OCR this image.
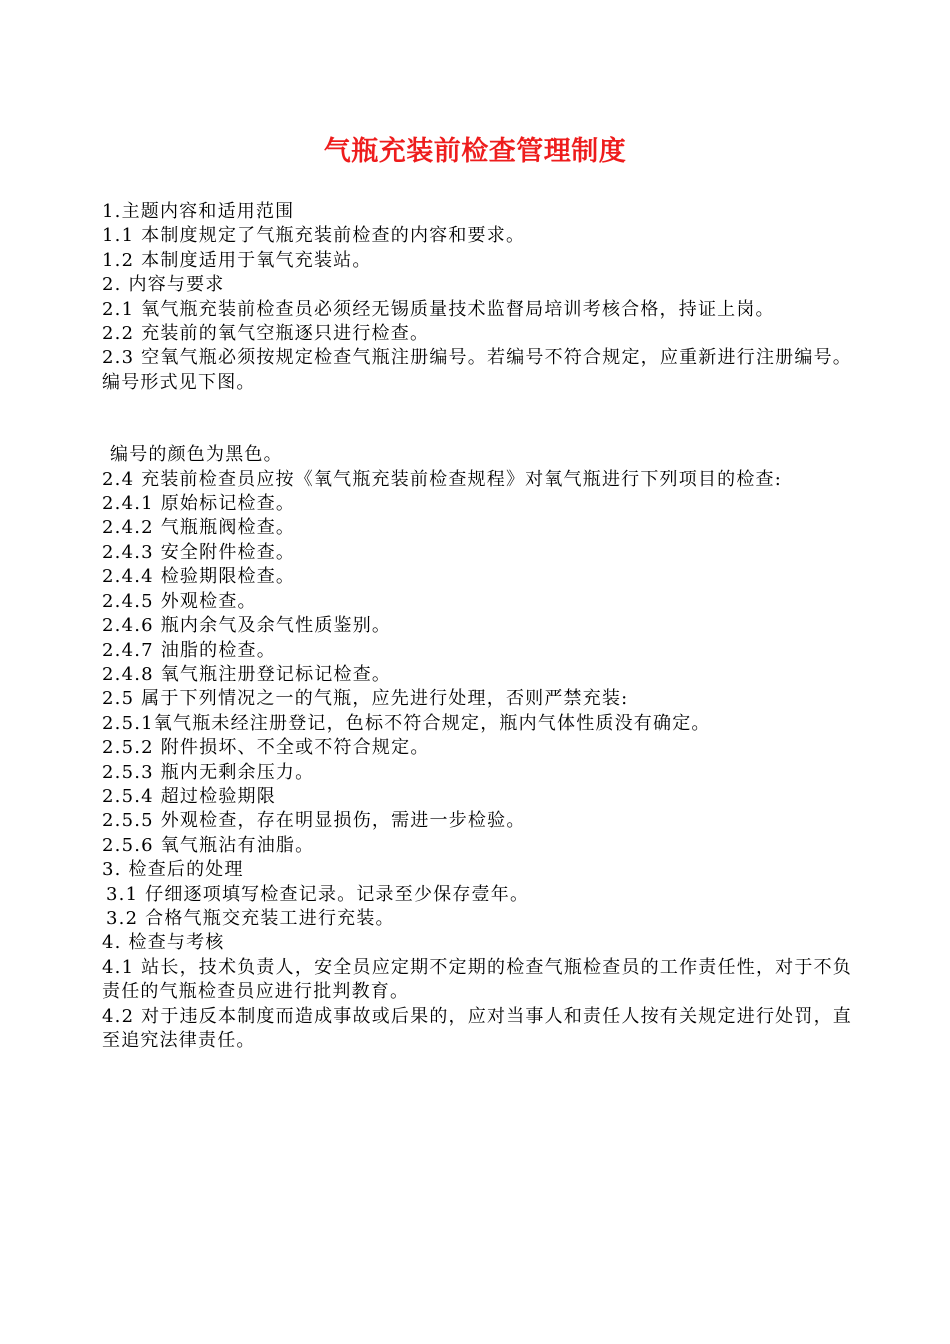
气瓶充装前检查管理制度

1.主题内容和适用范围

1.1 本制度规定了气瓶充装前检查的内容和要求。

1.2 本制度适用于氧气充装站。

2. 内容与要求

2.1 氧气瓶充装前检查员必须经无锡质量技术监督局培训考核合格，持证上岗。

2.2 充装前的氧气空瓶逐只进行检查。

2.3 空氧气瓶必须按规定检查气瓶注册编号。若编号不符合规定，应重新进行注册编号。编号形式见下图。

编号的颜色为黑色。

2.4 充装前检查员应按《氧气瓶充装前检查规程》对氧气瓶进行下列项目的检查:

2.4.1 原始标记检查。

2.4.2 气瓶瓶阀检查。

2.4.3 安全附件检查。

2.4.4 检验期限检查。

2.4.5 外观检查。

2.4.6 瓶内余气及余气性质鉴别。

2.4.7 油脂的检查。

2.4.8 氧气瓶注册登记标记检查。

2.5 属于下列情况之一的气瓶，应先进行处理，否则严禁充装:

2.5.1氧气瓶未经注册登记，色标不符合规定，瓶内气体性质没有确定。

2.5.2 附件损坏、不全或不符合规定。

2.5.3 瓶内无剩余压力。

2.5.4 超过检验期限

2.5.5 外观检查，存在明显损伤，需进一步检验。

2.5.6 氧气瓶沾有油脂。

3. 检查后的处理

3.1 仔细逐项填写检查记录。记录至少保存壹年。

3.2 合格气瓶交充装工进行充装。

4. 检查与考核

4.1 站长，技术负责人，安全员应定期不定期的检查气瓶检查员的工作责任性，对于不负责任的气瓶检查员应进行批判教育。

4.2 对于违反本制度而造成事故或后果的，应对当事人和责任人按有关规定进行处罚，直至追究法律责任。
